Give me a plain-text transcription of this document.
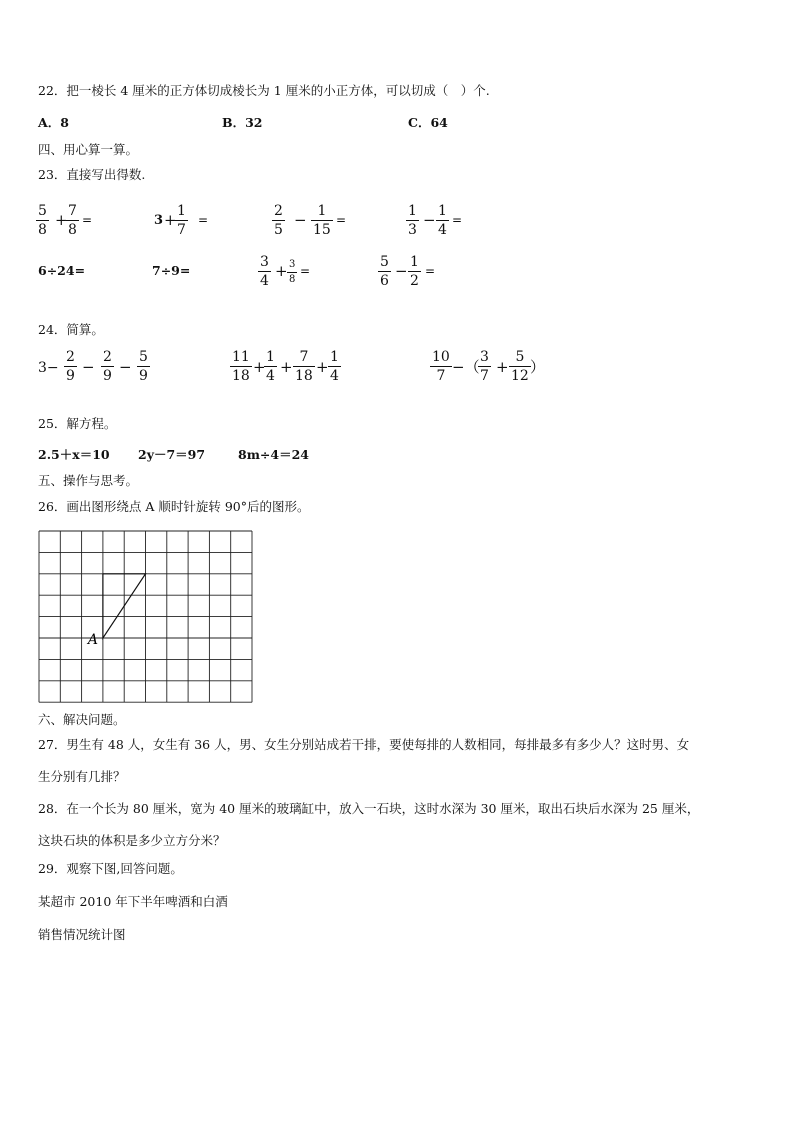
22．把一棱长 4 厘米的正方体切成棱长为 1 厘米的小正方体，可以切成（　）个.
A．8	B．32	C．64
四、用心算一算。
23．直接写出得数.
5
8
+ 7
8
=	3 + 1
7
=
2
5
− 1
15
=
1
3
− 1
4
=
6÷24=	7÷9=
3
4
+ 3
8
=
5
6
− 1
2
=
24．简算。
3−
2
9 −
2
9 −
5
9
11
18 +
1
4 +
7
18 +
1
4
10
7 −（
3
7 +
5
12 ）
25．解方程。
2.5＋x＝10 2y－7＝97	8m÷4＝24
五、操作与思考。
26．画出图形绕点 A 顺时针旋转 90°后的图形。
A
六、解决问题。
27．男生有 48 人，女生有 36 人，男、女生分别站成若干排，要使每排的人数相同，每排最多有多少人？这时男、女
生分别有几排？
28．在一个长为 80 厘米，宽为 40 厘米的玻璃缸中，放入一石块，这时水深为 30 厘米，取出石块后水深为 25 厘米，
这块石块的体积是多少立方分米？
29．观察下图,回答问题。
某超市 2010 年下半年啤酒和白酒
销售情况统计图
